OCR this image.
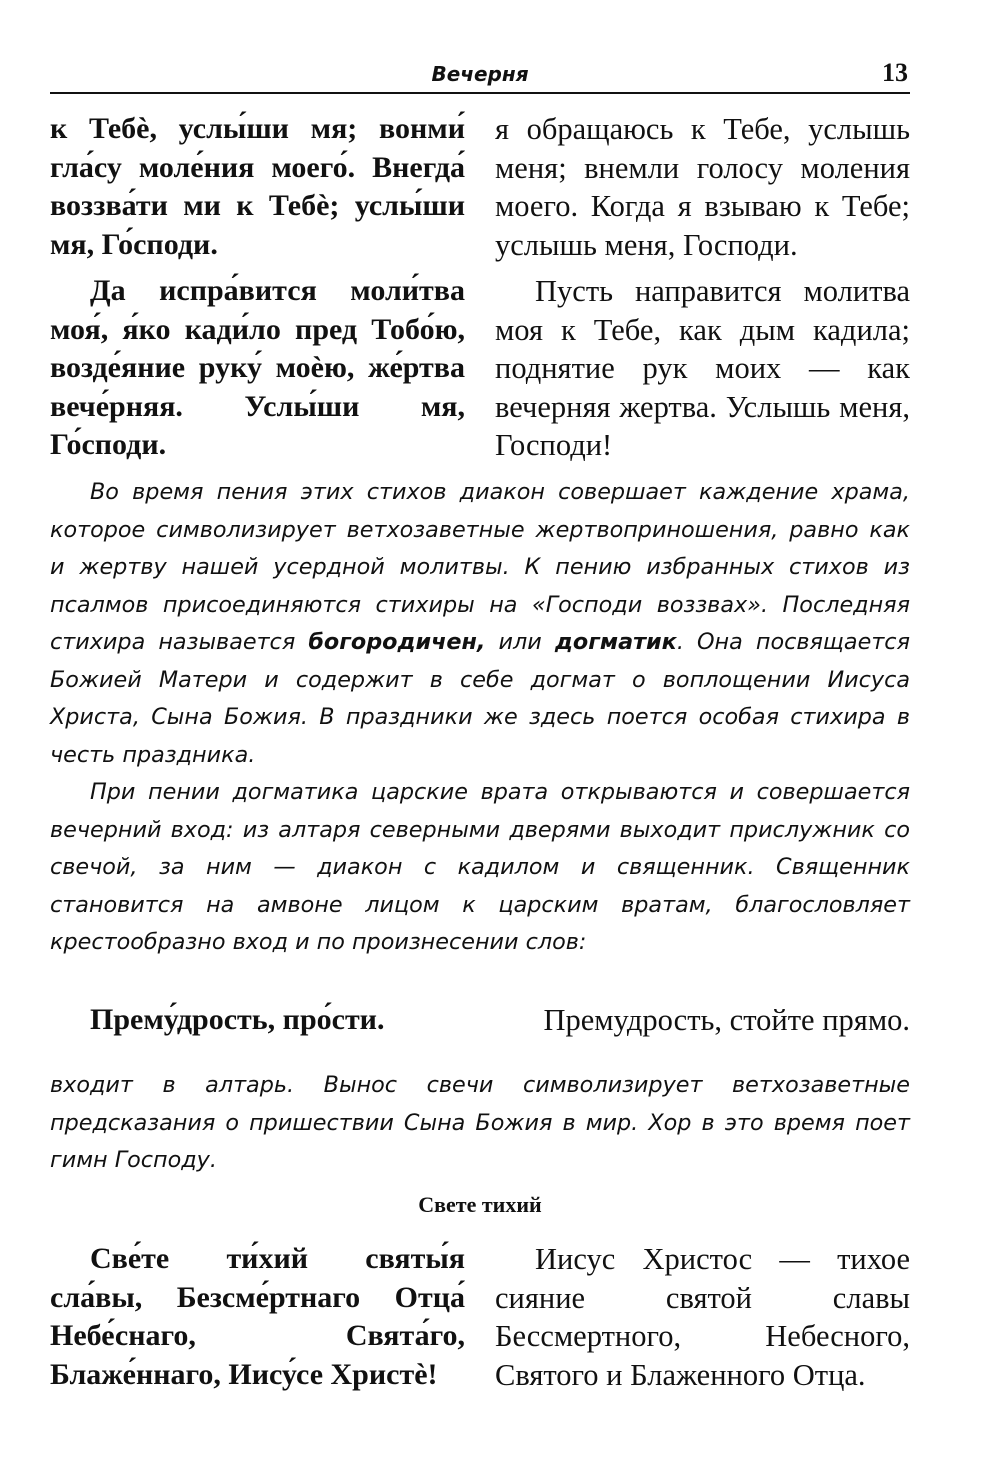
Вечерня	13

к Тебѐ, услы́ши мя; вонми́ гла́су моле́ния моего́. Внегда́ воззва́ти ми к Тебѐ; услы́ши мя, Го́споди.

Да испра́вится моли́тва моя́, я́ко кади́ло пред Тобо́ю, возде́яние руку́ моѐю, же́ртва вече́рняя. Услы́ши мя, Го́споди.

я обращаюсь к Тебе, услышь меня; внемли голосу моления моего. Когда я взываю к Тебе; услышь меня, Господи.

Пусть направится молитва моя к Тебе, как дым кадила; поднятие рук моих — как вечерняя жертва. Услышь меня, Господи!

Во время пения этих стихов диакон совершает каждение храма, которое символизирует ветхозаветные жертвоприношения, равно как и жертву нашей усердной молитвы. К пению избранных стихов из псалмов присоединяются стихиры на «Господи воззвах». Последняя стихира называется богородичен, или догматик. Она посвящается Божией Матери и содержит в себе догмат о воплощении Иисуса Христа, Сына Божия. В праздники же здесь поется особая стихира в честь праздника.

При пении догматика царские врата открываются и совершается вечерний вход: из алтаря северными дверями выходит прислужник со свечой, за ним — диакон с кадилом и священник. Священник становится на амвоне лицом к царским вратам, благословляет крестообразно вход и по произнесении слов:

Прему́дрость, про́сти.	Премудрость, стойте прямо.

входит в алтарь. Вынос свечи символизирует ветхозаветные предсказания о пришествии Сына Божия в мир. Хор в это время поет гимн Господу.

Свете тихий

Све́те ти́хий святы́я сла́вы, Безсме́ртнаго Отца́ Небе́снаго, Свята́го, Блаже́ннаго, Иису́се Христѐ!

Иисус Христос — тихое сияние святой славы Бессмертного, Небесного, Святого и Блаженного Отца.
